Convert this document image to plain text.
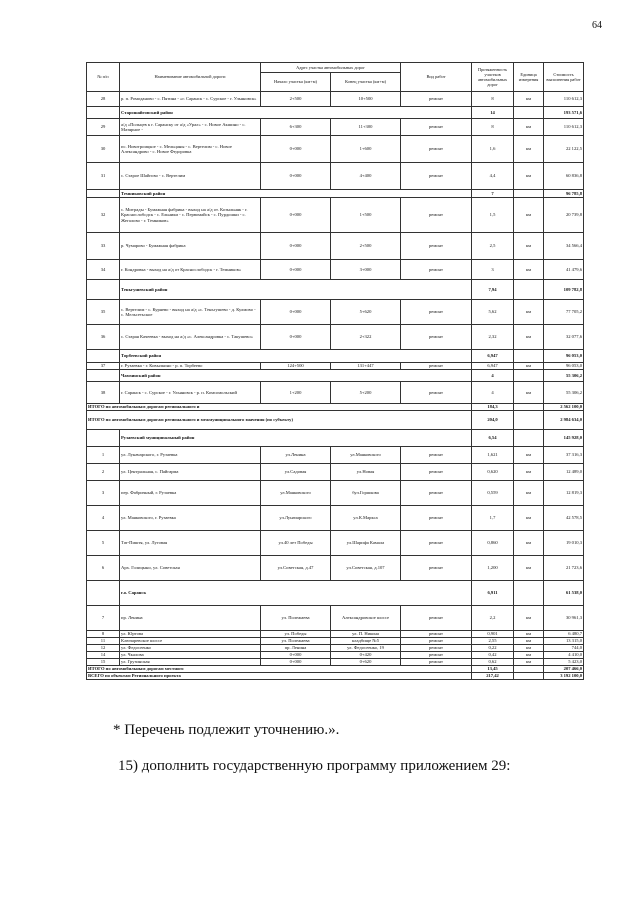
64
№ п/п	Наименование автомобильной дороги	Адрес участка автомобильных дорог		Вид работ	Протяженность участков автомобильных дорог	Единица измерения	Стоимость выполнения работ
		Начало участка (км+м)	Конец участка (км+м)				
28	р. п. Ромоданово - с. Пятина - «г. Саранск - с. Сурское - г. Ульяновск»	2+500	10+500	ремонт	8	км	110 612,3
	Старошайговский район				14		193 571,6
29	а/д «Польцев к г. Саранску от а/д «Урал» - с. Новое Акшино - с. Мазярное -	6+300	11+300	ремонт	8	км	110 612,3
30	пс. Новотроицкое - с. Мельцаны - с. Вертелим - с. Новое Александрово - с. Новое Федоровка	0+000	1+600	ремонт	1,6	км	22 122,5
31	с. Старое Шайгово - с. Вертелим	0+000	4+400	ремонт	4,4	км	60 836,8
	Темниковский район				7		96 785,8
32	с. Митрады - Бумажная фабрика - выход на а/д от. Козыльняк - г. Краснослободск - с. Ельники - с. Первомайск - с. Пурдошки - с. Жегалово - г. Темников»	0+000	1+500	ремонт	1,5	км	20 739,8
33	р. Чумарово - Бумажная фабрика	0+000	2+500	ремонт	2,5	км	34 566,4
34	г. Кондровка - выход на а/д от Краснослободск - г. Темников»	0+000	3+000	ремонт	3	км	41 479,6
	Теньгушевский район				7,94		109 782,8
35	с. Вертелим - с. Куряево - выход на а/д «с. Теньгушево - д. Кулмово - с. Мельсетьское	0+000	5+620	ремонт	5,62	км	77 705,2
36	с. Старая Качеевка - выход на а/д «с. Александровка - с. Такушево»	0+000	2+322	ремонт	2,32	км	32 077,6
	Торбеевский район				6,947		96 053,0
37	г. Рузаевка - г. Ковылкино - р. п. Торбеево	124+500	131+447	ремонт	6,947	км	96 053,0
	Чамзинский район				4		55 306,2
38	г. Саранск - с. Сурское - г. Ульяновск - р. п. Комсомольский	1+200	5+200	ремонт	4	км	55 306,2
ИТОГО по автомобильным дорогам регионального и					184,3		2 562 100,0
ИТОГО по автомобильным дорогам регионального и межмуниципального значения (по субъекту)					204,0		2 984 634,0
	Рузаевский муниципальный район				6,54		145 928,0
1	ул. Луначарского, г. Рузаевка	ул.Ленина	ул.Маяковского	ремонт	1,621	км	37 316,3
2	ул. Центральная, с. Пайгарма	ул.Садовая	ул.Новая	ремонт	0,620	км	12 489,0
3	пер. Фабричный, г. Рузаевка	ул.Маяковского	бул.Горшкова	ремонт	0,559	км	12 819,3
4	ул. Маяковского, г. Рузаевка	ул.Луначарского	ул.К.Маркса	ремонт	1,7	км	42 578,5
5	Тат-Пиштя, ул. Луговая	ул.40 лет Победы	ул.Шарифа Камала	ремонт	0,860	км	19 010,3
6	Арх. Голицыно, ул. Советская	ул.Советская, д.47	ул.Советская, д.107	ремонт	1,200	км	21 723,6
	г.о. Саранск				6,911		61 538,0
7	пр. Ленина	ул. Полежаева	Александровское шоссе	ремонт	2,2	км	30 961,3
8	ул. Юртова	ул. Победы	ул. П. Никона	ремонт	0,901	км	6 480,7
11	Ключаревское шоссе	ул. Полежаева	кладбище №5	ремонт	2,55	км	13 315,0
12	ул. Федосеенко	пр. Ленина	ул. Федосеенко, 19	ремонт	0,22	км	744,0
14	ул. Чкалова	0+000	0+420	ремонт	0,42	км	4 410,0
15	ул. Грузинская	0+000	0+620	ремонт	0,62	км	5 423,0
ИТОГО по автомобильным дорогам местного					13,45		207 466,0
ВСЕГО по объектам Регионального проекта					217,42		3 192 100,0
* Перечень подлежит уточнению.».
15) дополнить государственную программу приложением 29:
